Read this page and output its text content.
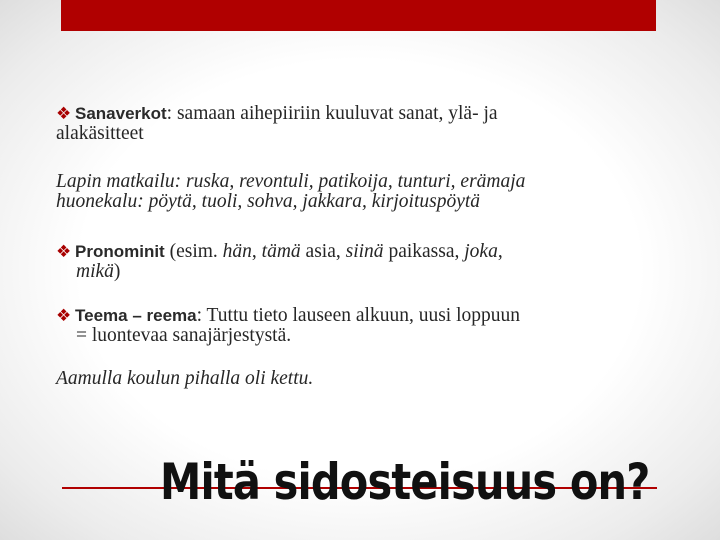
❖ Sanaverkot: samaan aihepiiriin kuuluvat sanat, ylä- ja
alakäsitteet
Lapin matkailu: ruska, revontuli, patikoija, tunturi, erämaja
huonekalu: pöytä, tuoli, sohva, jakkara, kirjoituspöytä
❖ Pronominit (esim. hän, tämä asia, siinä paikassa, joka,
mikä)
❖ Teema – reema: Tuttu tieto lauseen alkuun, uusi loppuun
= luontevaa sanajärjestystä.
Aamulla koulun pihalla oli kettu.
Mitä sidosteisuus on?
